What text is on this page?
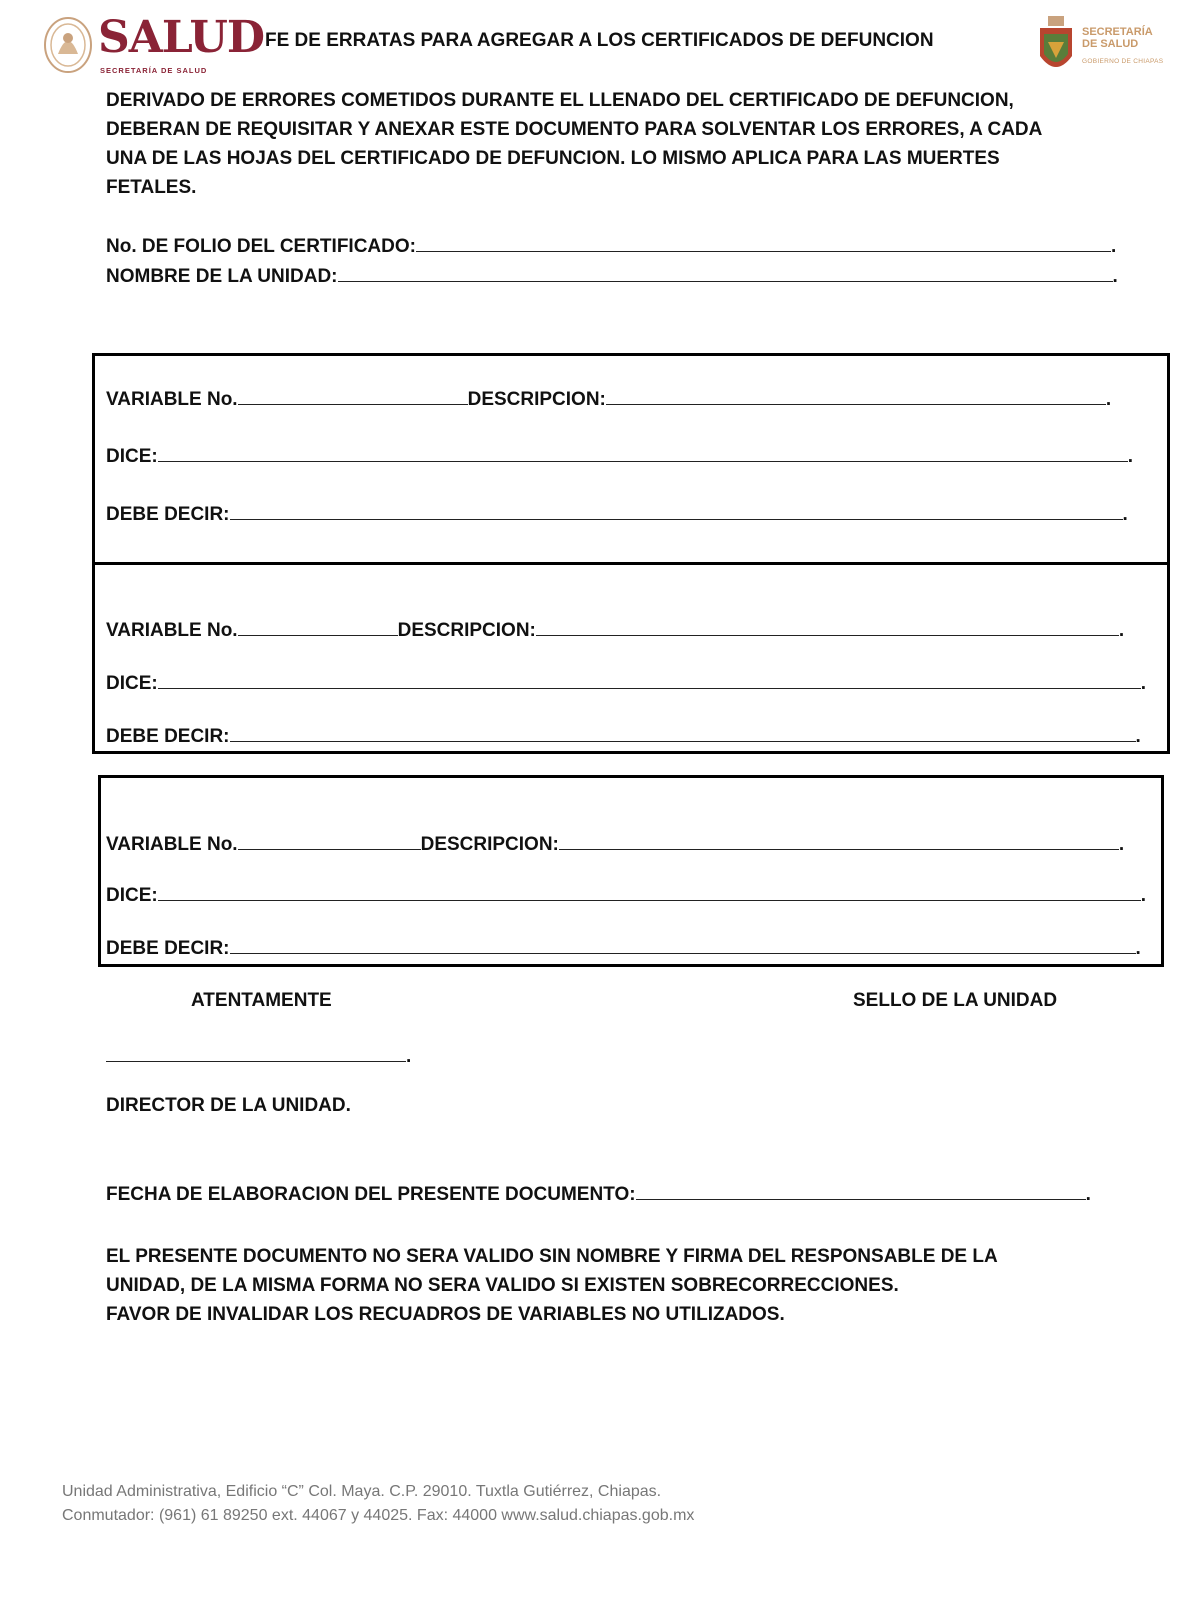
SALUD
SECRETARÍA DE SALUD
FE DE ERRATAS PARA AGREGAR A LOS CERTIFICADOS DE DEFUNCION	SECRETARÍA
DE SALUD
GOBIERNO DE CHIAPAS
DERIVADO DE ERRORES COMETIDOS DURANTE EL LLENADO DEL CERTIFICADO DE DEFUNCION,
DEBERAN DE REQUISITAR Y ANEXAR ESTE DOCUMENTO PARA SOLVENTAR LOS ERRORES, A CADA
UNA DE LAS HOJAS DEL CERTIFICADO DE DEFUNCION. LO MISMO APLICA PARA LAS MUERTES
FETALES.
No. DE FOLIO DEL CERTIFICADO:	.
NOMBRE DE LA UNIDAD:	.
VARIABLE No.	DESCRIPCION:	.
DICE:	.
DEBE DECIR:	.
VARIABLE No.	DESCRIPCION:	.
DICE:	.
DEBE DECIR:	.
VARIABLE No.	DESCRIPCION:	.
DICE:	.
DEBE DECIR:	.
ATENTAMENTE	SELLO DE LA UNIDAD
.
DIRECTOR DE LA UNIDAD.
FECHA DE ELABORACION DEL PRESENTE DOCUMENTO:	.
EL PRESENTE DOCUMENTO NO SERA VALIDO SIN NOMBRE Y FIRMA DEL RESPONSABLE DE LA
UNIDAD, DE LA MISMA FORMA NO SERA VALIDO SI EXISTEN SOBRECORRECCIONES.
FAVOR DE INVALIDAR LOS RECUADROS DE VARIABLES NO UTILIZADOS.
Unidad Administrativa, Edificio “C” Col. Maya. C.P. 29010. Tuxtla Gutiérrez, Chiapas.
Conmutador: (961) 61 89250 ext. 44067 y 44025. Fax: 44000 www.salud.chiapas.gob.mx
